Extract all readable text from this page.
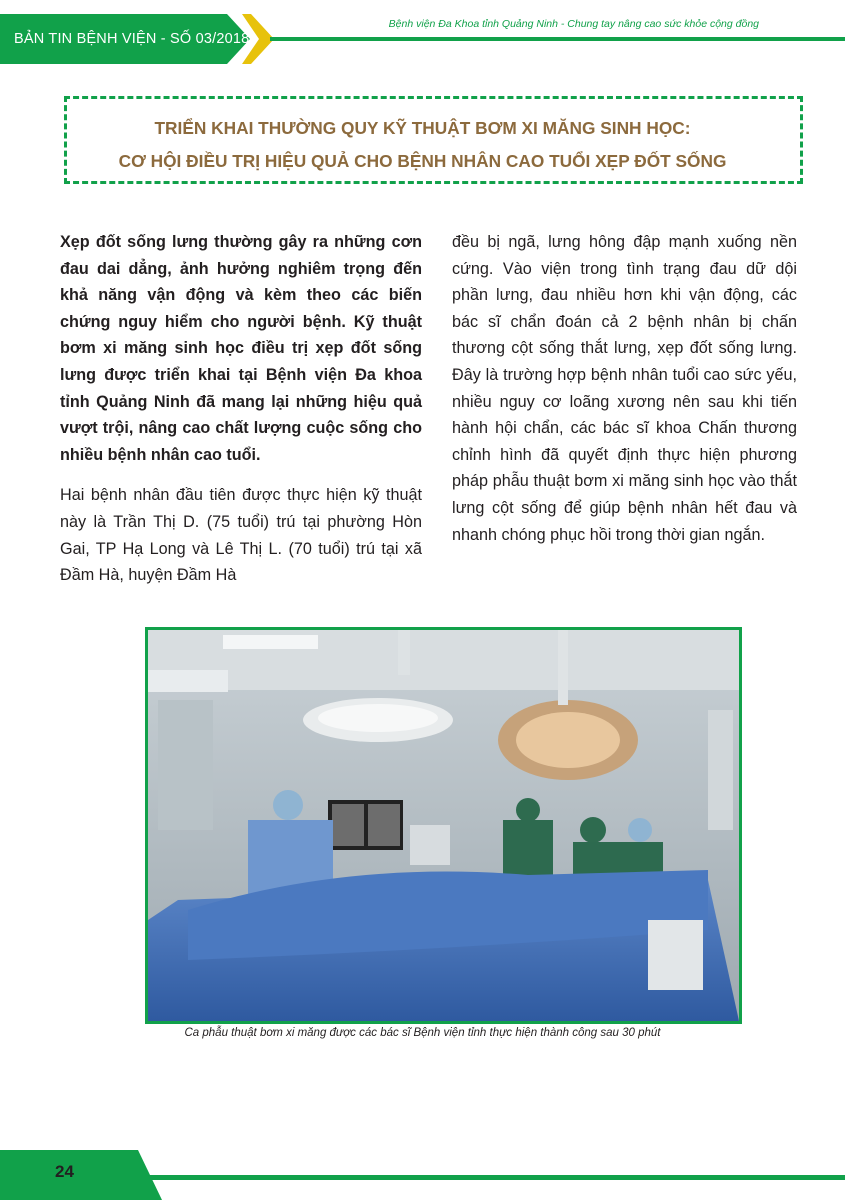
BẢN TIN BỆNH VIỆN - SỐ 03/2018
Bệnh viện Đa Khoa tỉnh Quảng Ninh - Chung tay nâng cao sức khỏe cộng đồng
TRIỂN KHAI THƯỜNG QUY KỸ THUẬT BƠM XI MĂNG SINH HỌC:
CƠ HỘI ĐIỀU TRỊ HIỆU QUẢ CHO BỆNH NHÂN CAO TUỔI XẸP ĐỐT SỐNG

Xẹp đốt sống lưng thường gây ra những cơn đau dai dẳng, ảnh hưởng nghiêm trọng đến khả năng vận động và kèm theo các biến chứng nguy hiểm cho người bệnh. Kỹ thuật bơm xi măng sinh học điều trị xẹp đốt sống lưng được triển khai tại Bệnh viện Đa khoa tỉnh Quảng Ninh đã mang lại những hiệu quả vượt trội, nâng cao chất lượng cuộc sống cho nhiều bệnh nhân cao tuổi.

Hai bệnh nhân đầu tiên được thực hiện kỹ thuật này là Trần Thị D. (75 tuổi) trú tại phường Hòn Gai, TP Hạ Long và Lê Thị L. (70 tuổi) trú tại xã Đầm Hà, huyện Đầm Hà

đều bị ngã, lưng hông đập mạnh xuống nền cứng. Vào viện trong tình trạng đau dữ dội phần lưng, đau nhiều hơn khi vận động, các bác sĩ chẩn đoán cả 2 bệnh nhân bị chấn thương cột sống thắt lưng, xẹp đốt sống lưng. Đây là trường hợp bệnh nhân tuổi cao sức yếu, nhiều nguy cơ loãng xương nên sau khi tiến hành hội chẩn, các bác sĩ khoa Chấn thương chỉnh hình đã quyết định thực hiện phương pháp phẫu thuật bơm xi măng sinh học vào thắt lưng cột sống để giúp bệnh nhân hết đau và nhanh chóng phục hồi trong thời gian ngắn.

Ca phẫu thuật bơm xi măng được các bác sĩ Bệnh viện tỉnh thực hiện thành công sau 30 phút
24
